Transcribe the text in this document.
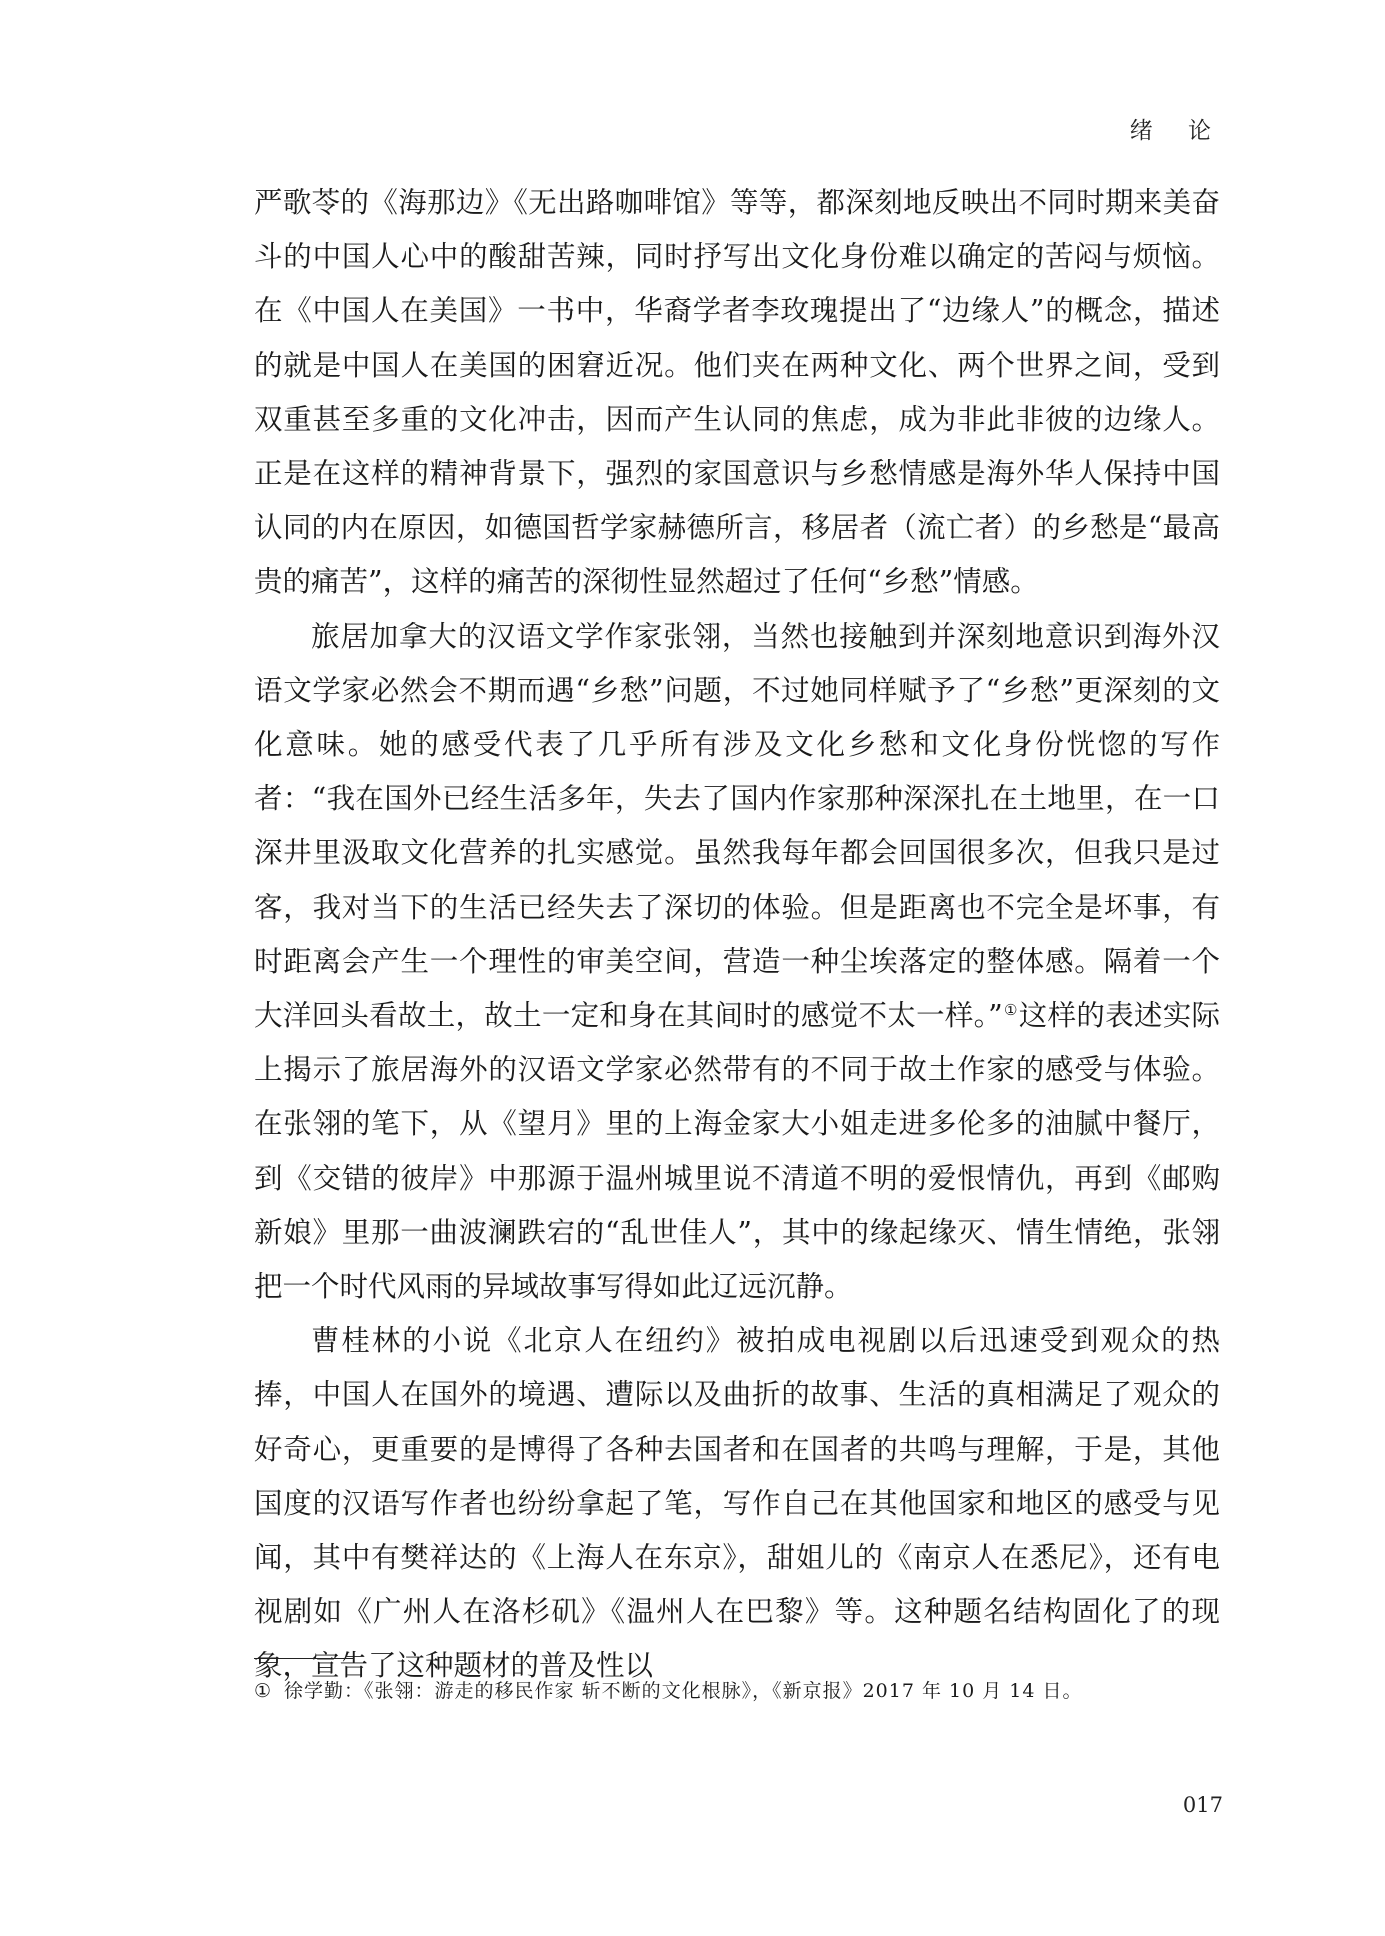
绪 论

严歌苓的《海那边》《无出路咖啡馆》等等，都深刻地反映出不同时期来美奋斗的中国人心中的酸甜苦辣，同时抒写出文化身份难以确定的苦闷与烦恼。在《中国人在美国》一书中，华裔学者李玫瑰提出了“边缘人”的概念，描述的就是中国人在美国的困窘近况。他们夹在两种文化、两个世界之间，受到双重甚至多重的文化冲击，因而产生认同的焦虑，成为非此非彼的边缘人。正是在这样的精神背景下，强烈的家国意识与乡愁情感是海外华人保持中国认同的内在原因，如德国哲学家赫德所言，移居者（流亡者）的乡愁是“最高贵的痛苦”，这样的痛苦的深彻性显然超过了任何“乡愁”情感。

旅居加拿大的汉语文学作家张翎，当然也接触到并深刻地意识到海外汉语文学家必然会不期而遇“乡愁”问题，不过她同样赋予了“乡愁”更深刻的文化意味。她的感受代表了几乎所有涉及文化乡愁和文化身份恍惚的写作者：“我在国外已经生活多年，失去了国内作家那种深深扎在土地里，在一口深井里汲取文化营养的扎实感觉。虽然我每年都会回国很多次，但我只是过客，我对当下的生活已经失去了深切的体验。但是距离也不完全是坏事，有时距离会产生一个理性的审美空间，营造一种尘埃落定的整体感。隔着一个大洋回头看故土，故土一定和身在其间时的感觉不太一样。”①这样的表述实际上揭示了旅居海外的汉语文学家必然带有的不同于故土作家的感受与体验。在张翎的笔下，从《望月》里的上海金家大小姐走进多伦多的油腻中餐厅，到《交错的彼岸》中那源于温州城里说不清道不明的爱恨情仇，再到《邮购新娘》里那一曲波澜跌宕的“乱世佳人”，其中的缘起缘灭、情生情绝，张翎把一个时代风雨的异域故事写得如此辽远沉静。

曹桂林的小说《北京人在纽约》被拍成电视剧以后迅速受到观众的热捧，中国人在国外的境遇、遭际以及曲折的故事、生活的真相满足了观众的好奇心，更重要的是博得了各种去国者和在国者的共鸣与理解，于是，其他国度的汉语写作者也纷纷拿起了笔，写作自己在其他国家和地区的感受与见闻，其中有樊祥达的《上海人在东京》，甜姐儿的《南京人在悉尼》，还有电视剧如《广州人在洛杉矶》《温州人在巴黎》等。这种题名结构固化了的现象，宣告了这种题材的普及性以

① 徐学勤：《张翎：游走的移民作家 斩不断的文化根脉》，《新京报》2017 年 10 月 14 日。
017
